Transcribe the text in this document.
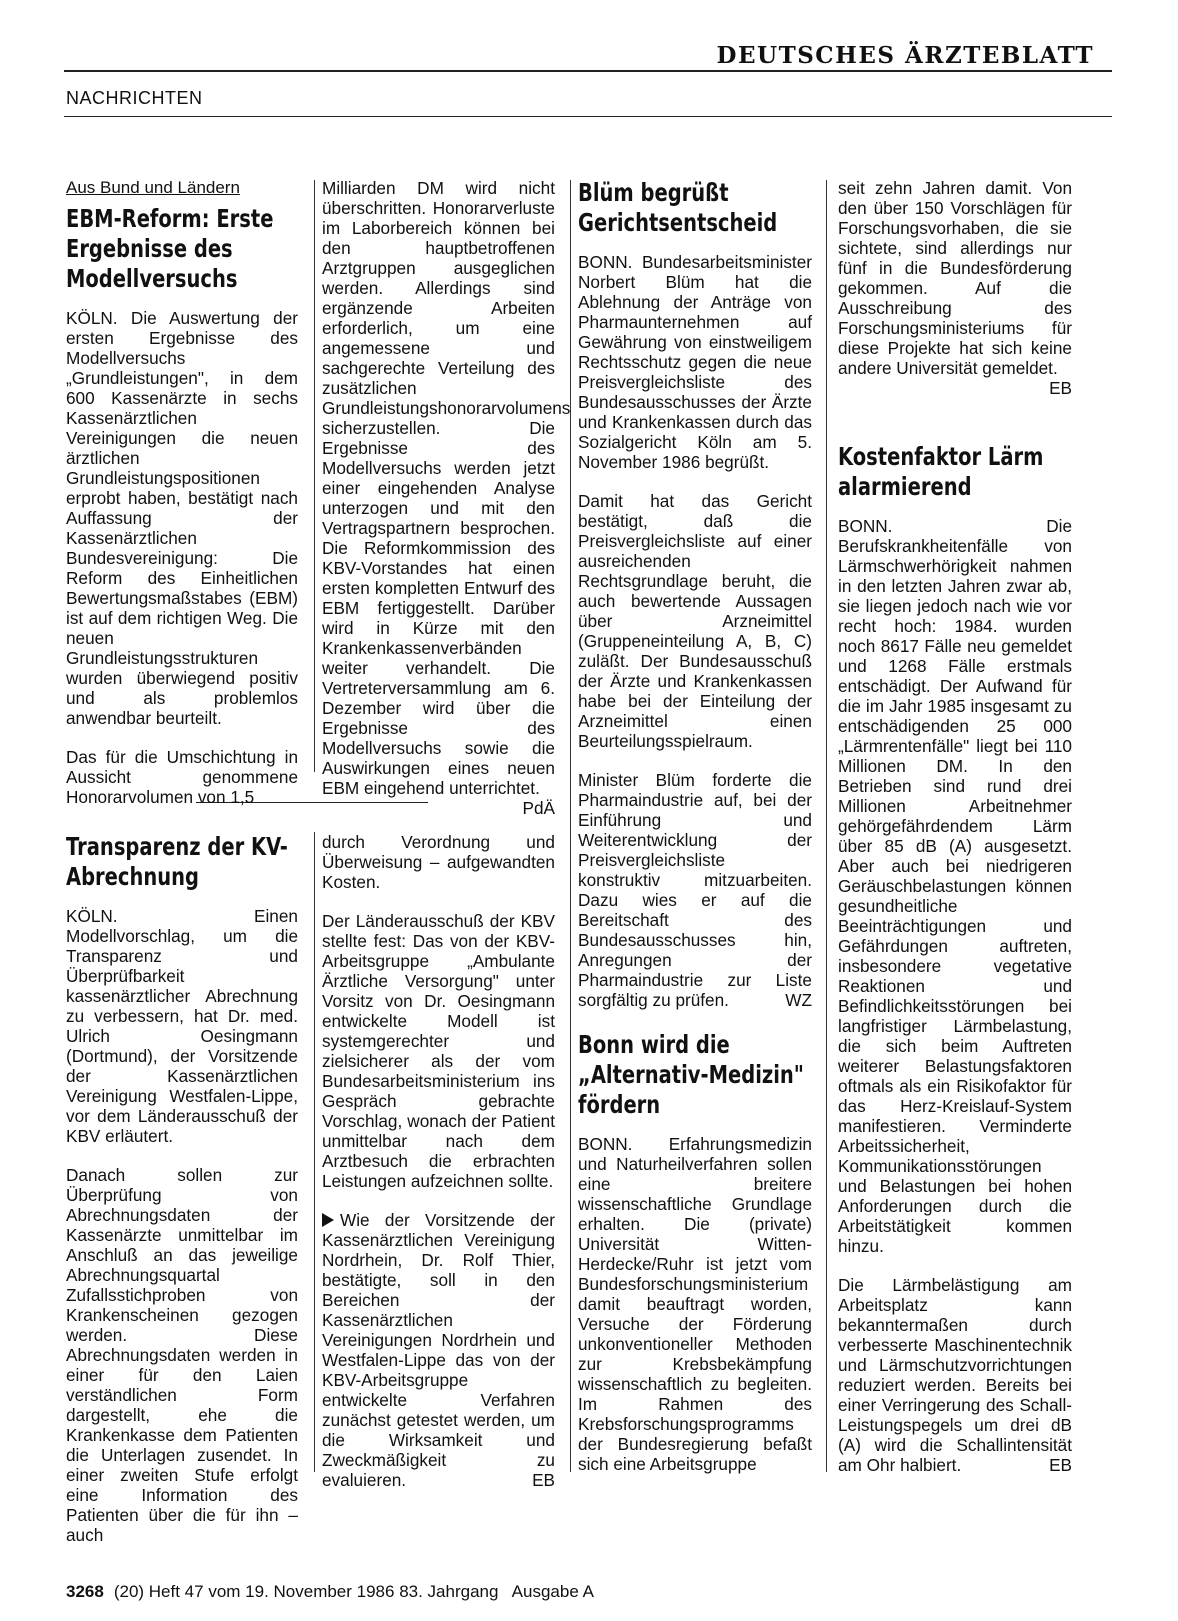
DEUTSCHES ÄRZTEBLATT
NACHRICHTEN
Aus Bund und Ländern
EBM-Reform: Erste Ergebnisse des Modellversuchs

KÖLN. Die Auswertung der ersten Ergebnisse des Modellversuchs „Grundleistungen", in dem 600 Kassenärzte in sechs Kassenärztlichen Vereinigungen die neuen ärztlichen Grundleistungspositionen erprobt haben, bestätigt nach Auffassung der Kassenärztlichen Bundesvereinigung: Die Reform des Einheitlichen Bewertungsmaßstabes (EBM) ist auf dem richtigen Weg. Die neuen Grundleistungsstrukturen wurden überwiegend positiv und als problemlos anwendbar beurteilt.

Das für die Umschichtung in Aussicht genommene Honorarvolumen von 1,5

Milliarden DM wird nicht überschritten. Honorarverluste im Laborbereich können bei den hauptbetroffenen Arztgruppen ausgeglichen werden. Allerdings sind ergänzende Arbeiten erforderlich, um eine angemessene und sachgerechte Verteilung des zusätzlichen Grundleistungshonorarvolumens sicherzustellen. Die Ergebnisse des Modellversuchs werden jetzt einer eingehenden Analyse unterzogen und mit den Vertragspartnern besprochen. Die Reformkommission des KBV-Vorstandes hat einen ersten kompletten Entwurf des EBM fertiggestellt. Darüber wird in Kürze mit den Krankenkassenverbänden weiter verhandelt. Die Vertreterversammlung am 6. Dezember wird über die Ergebnisse des Modellversuchs sowie die Auswirkungen eines neuen EBM eingehend unterrichtet.
PdÄ

Transparenz der KV-Abrechnung

KÖLN. Einen Modellvorschlag, um die Transparenz und Überprüfbarkeit kassenärztlicher Abrechnung zu verbessern, hat Dr. med. Ulrich Oesingmann (Dortmund), der Vorsitzende der Kassenärztlichen Vereinigung Westfalen-Lippe, vor dem Länderausschuß der KBV erläutert.

Danach sollen zur Überprüfung von Abrechnungsdaten der Kassenärzte unmittelbar im Anschluß an das jeweilige Abrechnungsquartal Zufallsstichproben von Krankenscheinen gezogen werden. Diese Abrechnungsdaten werden in einer für den Laien verständlichen Form dargestellt, ehe die Krankenkasse dem Patienten die Unterlagen zusendet. In einer zweiten Stufe erfolgt eine Information des Patienten über die für ihn – auch

durch Verordnung und Überweisung – aufgewandten Kosten.

Der Länderausschuß der KBV stellte fest: Das von der KBV-Arbeitsgruppe „Ambulante Ärztliche Versorgung" unter Vorsitz von Dr. Oesingmann entwickelte Modell ist systemgerechter und zielsicherer als der vom Bundesarbeitsministerium ins Gespräch gebrachte Vorschlag, wonach der Patient unmittelbar nach dem Arztbesuch die erbrachten Leistungen aufzeichnen sollte.

Wie der Vorsitzende der Kassenärztlichen Vereinigung Nordrhein, Dr. Rolf Thier, bestätigte, soll in den Bereichen der Kassenärztlichen Vereinigungen Nordrhein und Westfalen-Lippe das von der KBV-Arbeitsgruppe entwickelte Verfahren zunächst getestet werden, um die Wirksamkeit und Zweckmäßigkeit zu evaluieren.	EB

Blüm begrüßt Gerichtsentscheid

BONN. Bundesarbeitsminister Norbert Blüm hat die Ablehnung der Anträge von Pharmaunternehmen auf Gewährung von einstweiligem Rechtsschutz gegen die neue Preisvergleichsliste des Bundesausschusses der Ärzte und Krankenkassen durch das Sozialgericht Köln am 5. November 1986 begrüßt.

Damit hat das Gericht bestätigt, daß die Preisvergleichsliste auf einer ausreichenden Rechtsgrundlage beruht, die auch bewertende Aussagen über Arzneimittel (Gruppeneinteilung A, B, C) zuläßt. Der Bundesausschuß der Ärzte und Krankenkassen habe bei der Einteilung der Arzneimittel einen Beurteilungsspielraum.

Minister Blüm forderte die Pharmaindustrie auf, bei der Einführung und Weiterentwicklung der Preisvergleichsliste konstruktiv mitzuarbeiten. Dazu wies er auf die Bereitschaft des Bundesausschusses hin, Anregungen der Pharmaindustrie zur Liste sorgfältig zu prüfen.	WZ

Bonn wird die „Alternativ-Medizin" fördern

BONN. Erfahrungsmedizin und Naturheilverfahren sollen eine breitere wissenschaftliche Grundlage erhalten. Die (private) Universität Witten-Herdecke/Ruhr ist jetzt vom Bundesforschungsministerium damit beauftragt worden, Versuche der Förderung unkonventioneller Methoden zur Krebsbekämpfung wissenschaftlich zu begleiten. Im Rahmen des Krebsforschungsprogramms der Bundesregierung befaßt sich eine Arbeitsgruppe

seit zehn Jahren damit. Von den über 150 Vorschlägen für Forschungsvorhaben, die sie sichtete, sind allerdings nur fünf in die Bundesförderung gekommen. Auf die Ausschreibung des Forschungsministeriums für diese Projekte hat sich keine andere Universität gemeldet.
EB

Kostenfaktor Lärm alarmierend

BONN. Die Berufskrankheitenfälle von Lärmschwerhörigkeit nahmen in den letzten Jahren zwar ab, sie liegen jedoch nach wie vor recht hoch: 1984. wurden noch 8617 Fälle neu gemeldet und 1268 Fälle erstmals entschädigt. Der Aufwand für die im Jahr 1985 insgesamt zu entschädigenden 25 000 „Lärmrentenfälle" liegt bei 110 Millionen DM. In den Betrieben sind rund drei Millionen Arbeitnehmer gehörgefährdendem Lärm über 85 dB (A) ausgesetzt. Aber auch bei niedrigeren Geräuschbelastungen können gesundheitliche Beeinträchtigungen und Gefährdungen auftreten, insbesondere vegetative Reaktionen und Befindlichkeitsstörungen bei langfristiger Lärmbelastung, die sich beim Auftreten weiterer Belastungsfaktoren oftmals als ein Risikofaktor für das Herz-Kreislauf-System manifestieren. Verminderte Arbeitssicherheit, Kommunikationsstörungen und Belastungen bei hohen Anforderungen durch die Arbeitstätigkeit kommen hinzu.

Die Lärmbelästigung am Arbeitsplatz kann bekanntermaßen durch verbesserte Maschinentechnik und Lärmschutzvorrichtungen reduziert werden. Bereits bei einer Verringerung des Schall-Leistungspegels um drei dB (A) wird die Schallintensität am Ohr halbiert.	EB

3268 (20) Heft 47 vom 19. November 1986 83. Jahrgang   Ausgabe A
